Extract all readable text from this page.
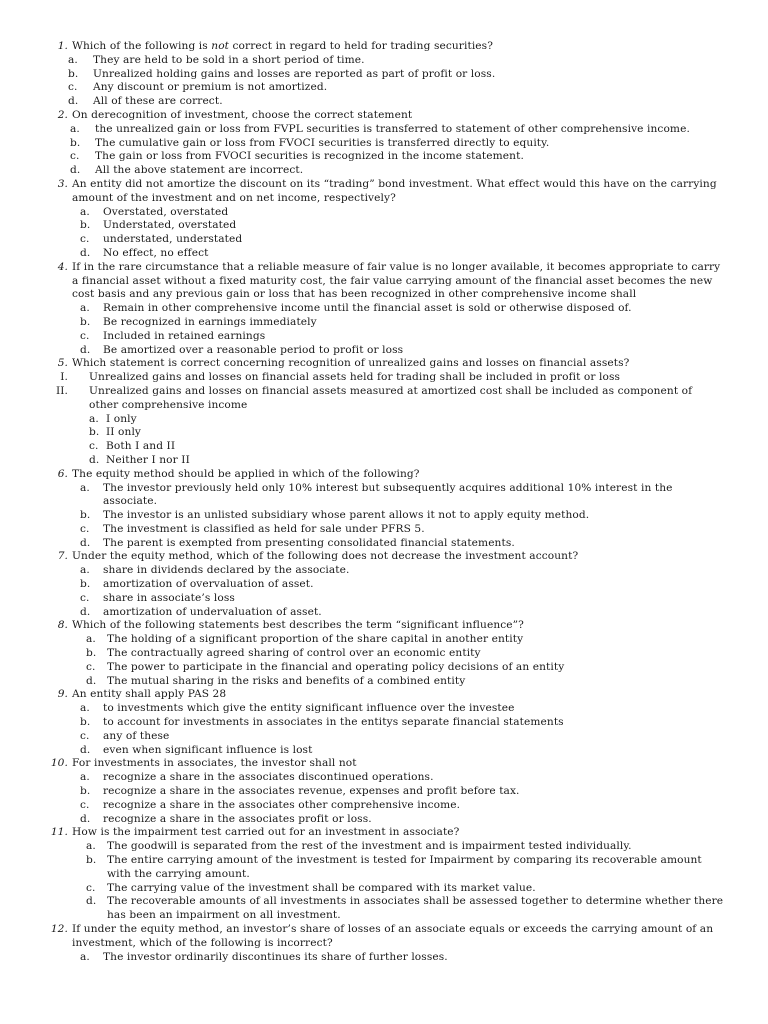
1. Which of the following is not correct in regard to held for trading securities?
a. They are held to be sold in a short period of time.
b. Unrealized holding gains and losses are reported as part of profit or loss.
c. Any discount or premium is not amortized.
d. All of these are correct.
2. On derecognition of investment, choose the correct statement
a. the unrealized gain or loss from FVPL securities is transferred to statement of other comprehensive income.
b. The cumulative gain or loss from FVOCI securities is transferred directly to equity.
c. The gain or loss from FVOCI securities is recognized in the income statement.
d. All the above statement are incorrect.
3. An entity did not amortize the discount on its “trading” bond investment. What effect would this have on the carrying amount of the investment and on net income, respectively?
a. Overstated, overstated
b. Understated, overstated
c. understated, understated
d. No effect, no effect
4. If in the rare circumstance that a reliable measure of fair value is no longer available, it becomes appropriate to carry a financial asset without a fixed maturity cost, the fair value carrying amount of the financial asset becomes the new cost basis and any previous gain or loss that has been recognized in other comprehensive income shall
a. Remain in other comprehensive income until the financial asset is sold or otherwise disposed of.
b. Be recognized in earnings immediately
c. Included in retained earnings
d. Be amortized over a reasonable period to profit or loss
5. Which statement is correct concerning recognition of unrealized gains and losses on financial assets?
I. Unrealized gains and losses on financial assets held for trading shall be included in profit or loss
II. Unrealized gains and losses on financial assets measured at amortized cost shall be included as component of other comprehensive income
a. I only
b. II only
c. Both I and II
d. Neither I nor II
6. The equity method should be applied in which of the following?
a. The investor previously held only 10% interest but subsequently acquires additional 10% interest in the associate.
b. The investor is an unlisted subsidiary whose parent allows it not to apply equity method.
c. The investment is classified as held for sale under PFRS 5.
d. The parent is exempted from presenting consolidated financial statements.
7. Under the equity method, which of the following does not decrease the investment account?
a. share in dividends declared by the associate.
b. amortization of overvaluation of asset.
c. share in associate’s loss
d. amortization of undervaluation of asset.
8. Which of the following statements best describes the term “significant influence”?
a. The holding of a significant proportion of the share capital in another entity
b. The contractually agreed sharing of control over an economic entity
c. The power to participate in the financial and operating policy decisions of an entity
d. The mutual sharing in the risks and benefits of a combined entity
9. An entity shall apply PAS 28
a. to investments which give the entity significant influence over the investee
b. to account for investments in associates in the entitys separate financial statements
c. any of these
d. even when significant influence is lost
10. For investments in associates, the investor shall not
a. recognize a share in the associates discontinued operations.
b. recognize a share in the associates revenue, expenses and profit before tax.
c. recognize a share in the associates other comprehensive income.
d. recognize a share in the associates profit or loss.
11. How is the impairment test carried out for an investment in associate?
a. The goodwill is separated from the rest of the investment and is impairment tested individually.
b. The entire carrying amount of the investment is tested for Impairment by comparing its recoverable amount with the carrying amount.
c. The carrying value of the investment shall be compared with its market value.
d. The recoverable amounts of all investments in associates shall be assessed together to determine whether there has been an impairment on all investment.
12. If under the equity method, an investor’s share of losses of an associate equals or exceeds the carrying amount of an investment, which of the following is incorrect?
a. The investor ordinarily discontinues its share of further losses.
